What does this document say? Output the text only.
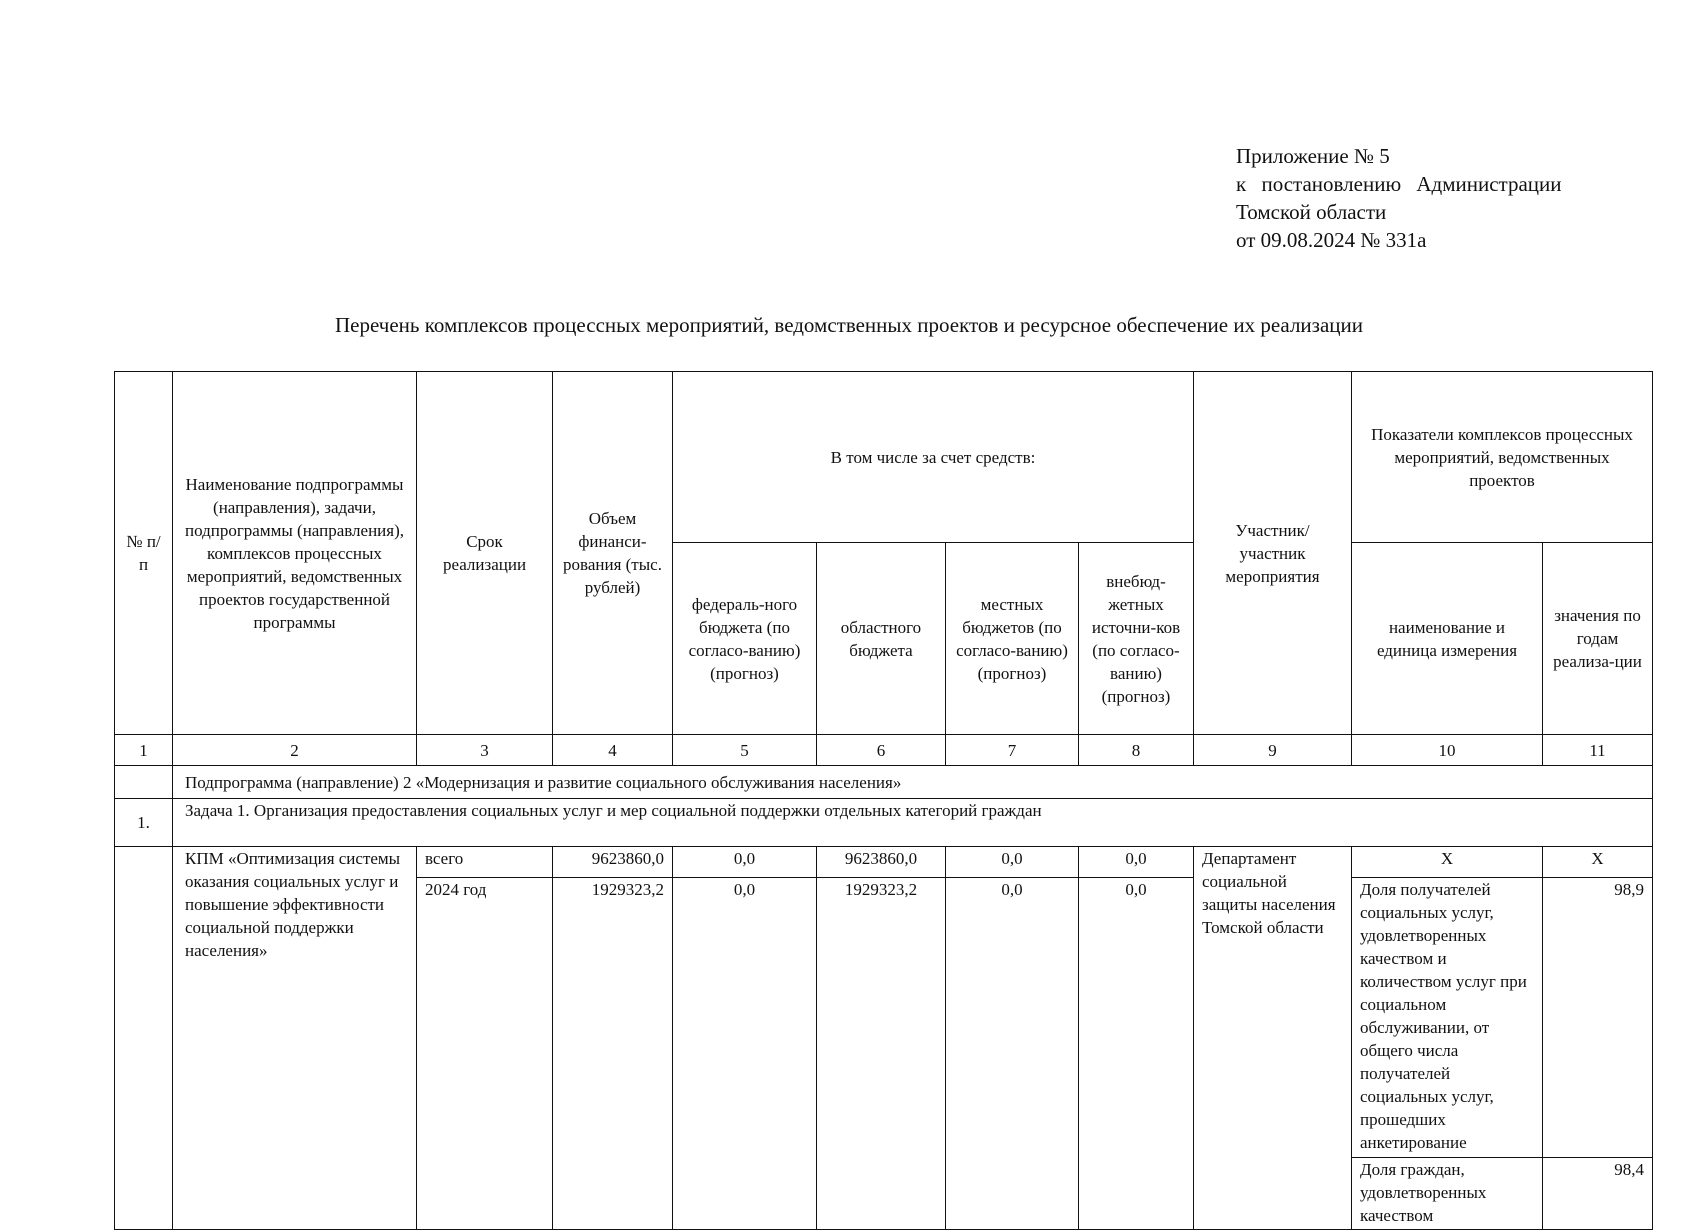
Приложение № 5
к постановлению Администрации
Томской области
от 09.08.2024 № 331а
Перечень комплексов процессных мероприятий, ведомственных проектов и ресурсное обеспечение их реализации
№ п/п	Наименование подпрограммы (направления), задачи, подпрограммы (направления), комплексов процессных мероприятий, ведомственных проектов государственной программы	Срок реализации	Объем финанси-рования (тыс. рублей)	В том числе за счет средств:				Участник/ участник мероприятия	Показатели комплексов процессных мероприятий, ведомственных проектов	
				федераль-ного бюджета (по согласо-ванию) (прогноз)	областного бюджета	местных бюджетов (по согласо-ванию) (прогноз)	внебюд-жетных источни-ков (по согласо-ванию) (прогноз)		наименование и единица измерения	значения по годам реализа-ции
1	2	3	4	5	6	7	8	9	10	11
	Подпрограмма (направление) 2 «Модернизация и развитие социального обслуживания населения»									
1.	Задача 1. Организация предоставления социальных услуг и мер социальной поддержки отдельных категорий граждан									
	КПМ «Оптимизация системы оказания социальных услуг и повышение эффективности социальной поддержки населения»	всего	9623860,0	0,0	9623860,0	0,0	0,0	Департамент социальной защиты населения Томской области	Х	Х
		2024 год	1929323,2	0,0	1929323,2	0,0	0,0		Доля получателей социальных услуг, удовлетворенных качеством и количеством услуг при социальном обслуживании, от общего числа получателей социальных услуг, прошедших анкетирование	98,9
									Доля граждан, удовлетворенных качеством	98,4
